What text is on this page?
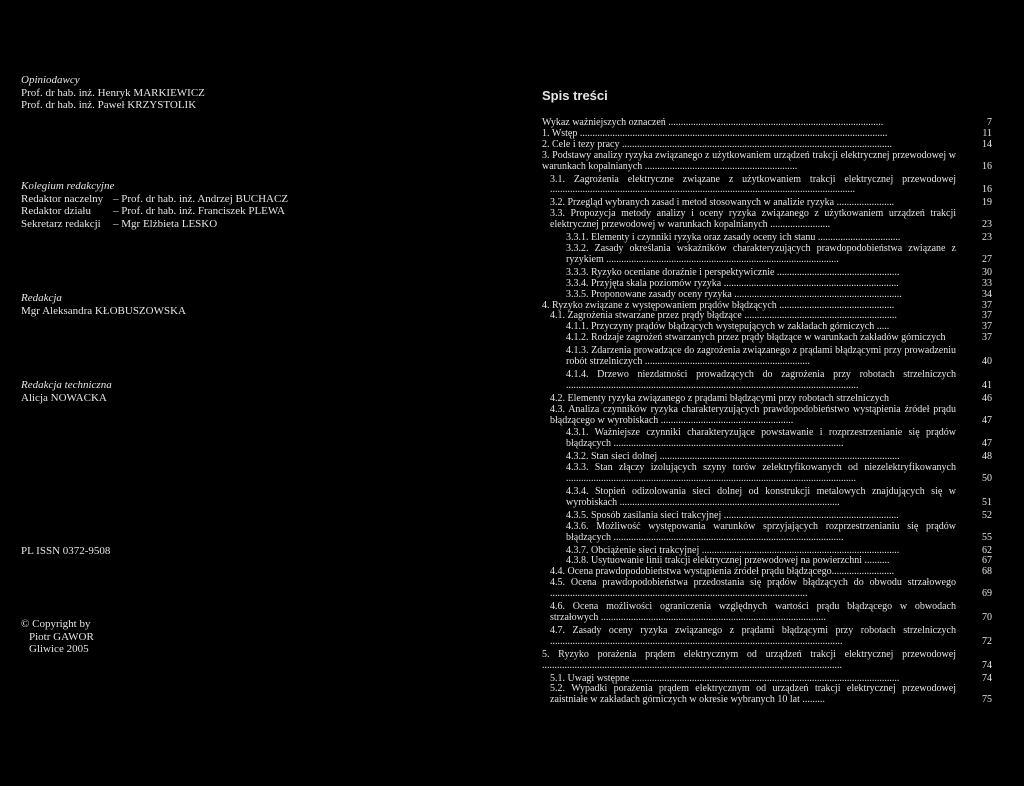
Opiniodawcy
Prof. dr hab. inż. Henryk MARKIEWICZ
Prof. dr hab. inż. Paweł KRZYSTOLIK
Kolegium redakcyjne
Redaktor naczelny – Prof. dr hab. inż. Andrzej BUCHACZ
Redaktor działu – Prof. dr hab. inż. Franciszek PLEWA
Sekretarz redakcji – Mgr Elżbieta LESKO
Redakcja
Mgr Aleksandra KŁOBUSZOWSKA
Redakcja techniczna
Alicja NOWACKA
PL ISSN 0372-9508
© Copyright by
Piotr GAWOR
Gliwice 2005
Spis treści
Wykaz ważniejszych oznaczeń ......................................................................................	7
1. Wstęp ...........................................................................................................................	11
2. Cele i tezy pracy ............................................................................................................	14
3. Podstawy analizy ryzyka związanego z użytkowaniem urządzeń trakcji elektrycznej przewodowej w warunkach kopalnianych .............................................................	16
3.1. Zagrożenia elektryczne związane z użytkowaniem trakcji elektrycznej przewodowej ..........................................................................................................................	16
3.2. Przegląd wybranych zasad i metod stosowanych w analizie ryzyka .......................	19
3.3. Propozycja metody analizy i oceny ryzyka związanego z użytkowaniem urządzeń trakcji elektrycznej przewodowej w warunkach kopalnianych ........................	23
3.3.1. Elementy i czynniki ryzyka oraz zasady oceny ich stanu .................................	23
3.3.2. Zasady określania wskaźników charakteryzujących prawdopodobieństwa związane z ryzykiem .............................................................................................	27
3.3.3. Ryzyko oceniane doraźnie i perspektywicznie .................................................	30
3.3.4. Przyjęta skala poziomów ryzyka ......................................................................	33
3.3.5. Proponowane zasady oceny ryzyka ...................................................................	34
4. Ryzyko związane z występowaniem prądów błądzących ..............................................	37
4.1. Zagrożenia stwarzane przez prądy błądzące .............................................................	37
4.1.1. Przyczyny prądów błądzących występujących w zakładach górniczych .....	37
4.1.2. Rodzaje zagrożeń stwarzanych przez prądy błądzące w warunkach zakładów górniczych	37
4.1.3. Zdarzenia prowadzące do zagrożenia związanego z prądami błądzącymi przy prowadzeniu robót strzelniczych ..................................................................	40
4.1.4. Drzewo niezdatności prowadzących do zagrożenia przy robotach strzelniczych .....................................................................................................................	41
4.2. Elementy ryzyka związanego z prądami błądzącymi przy robotach strzelniczych	46
4.3. Analiza czynników ryzyka charakteryzujących prawdopodobieństwo wystąpienia źródeł prądu błądzącego w wyrobiskach .....................................................	47
4.3.1. Ważniejsze czynniki charakteryzujące powstawanie i rozprzestrzenianie się prądów błądzących ............................................................................................	47
4.3.2. Stan sieci dolnej ................................................................................................	48
4.3.3. Stan złączy izolujących szyny torów zelektryfikowanych od niezelektryfikowanych ....................................................................................................................	50
4.3.4. Stopień odizolowania sieci dolnej od konstrukcji metalowych znajdujących się w wyrobiskach ........................................................................................	51
4.3.5. Sposób zasilania sieci trakcyjnej ......................................................................	52
4.3.6. Możliwość występowania warunków sprzyjających rozprzestrzenianiu się prądów błądzących ............................................................................................	55
4.3.7. Obciążenie sieci trakcyjnej ...............................................................................	62
4.3.8. Usytuowanie linii trakcji elektrycznej przewodowej na powierzchni ..........	67
4.4. Ocena prawdopodobieństwa wystąpienia źródeł prądu błądzącego.........................	68
4.5. Ocena prawdopodobieństwa przedostania się prądów błądzących do obwodu strzałowego .......................................................................................................	69
4.6. Ocena możliwości ograniczenia względnych wartości prądu błądzącego w obwodach strzałowych ..........................................................................................	70
4.7. Zasady oceny ryzyka związanego z prądami błądzącymi przy robotach strzelniczych .....................................................................................................................	72
5. Ryzyko porażenia prądem elektrycznym od urządzeń trakcji elektrycznej przewodowej ........................................................................................................................	74
5.1. Uwagi wstępne ...........................................................................................................	74
5.2. Wypadki porażenia prądem elektrycznym od urządzeń trakcji elektrycznej przewodowej zaistniałe w zakładach górniczych w okresie wybranych 10 lat .........	75
